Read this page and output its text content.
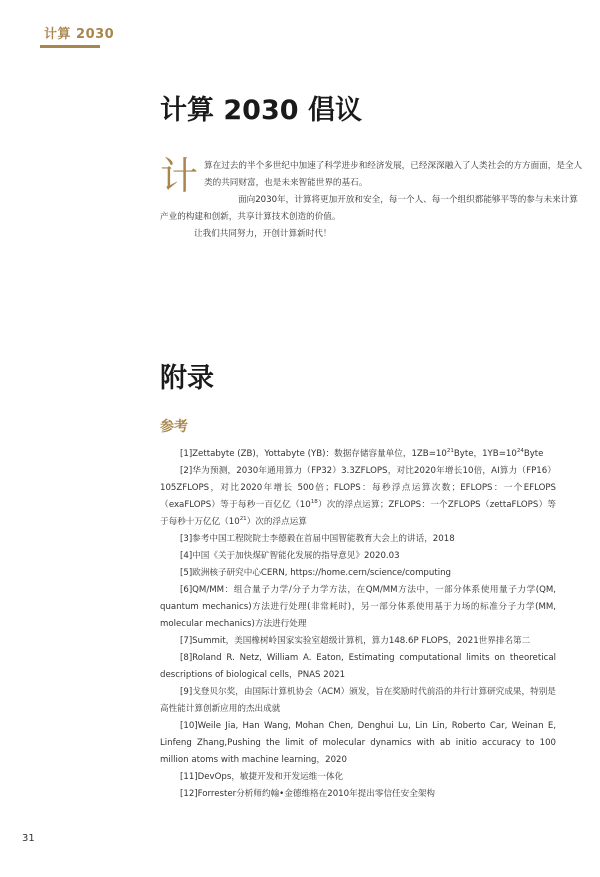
计算 2030
计算 2030 倡议
计 算在过去的半个多世纪中加速了科学进步和经济发展，已经深深融入了人类社会的方方面面，是全人类的共同财富，也是未来智能世界的基石。

面向2030年，计算将更加开放和安全，每一个人、每一个组织都能够平等的参与未来计算产业的构建和创新，共享计算技术创造的价值。

让我们共同努力，开创计算新时代！

附录
参考
[1]Zettabyte (ZB)，Yottabyte (YB)：数据存储容量单位，$1ZB=10^{21}Byte$，$1YB=10^{24}Byte$
[2]华为预测，2030年通用算力（FP32）3.3ZFLOPS，对比2020年增长10倍，AI算力（FP16） 105ZFLOPS，对比2020年增长 500倍；FLOPS：每秒浮点运算次数；EFLOPS：一个EFLOPS（exaFLOPS）等于每秒一百亿亿$(10^{18})$次的浮点运算；ZFLOPS：一个ZFLOPS（zettaFLOPS）等于每秒十万亿亿$(10^{21})$次的浮点运算
[3]参考中国工程院院士李德毅在首届中国智能教育大会上的讲话，2018
[4]中国《关于加快煤矿智能化发展的指导意见》2020.03
[5]欧洲核子研究中心CERN, https://home.cern/science/computing
[6]QM/MM：组合量子力学/分子力学方法，在QM/MM方法中，一部分体系使用量子力学(QM, quantum mechanics)方法进行处理(非常耗时)，另一部分体系使用基于力场的标准分子力学(MM, molecular mechanics)方法进行处理
[7]Summit，美国橡树岭国家实验室超级计算机，算力148.6P FLOPS，2021世界排名第二
[8]Roland R. Netz, William A. Eaton, Estimating computational limits on theoretical descriptions of biological cells，PNAS 2021
[9]戈登贝尔奖，由国际计算机协会（ACM）颁发，旨在奖励时代前沿的并行计算研究成果，特别是高性能计算创新应用的杰出成就
[10]Weile Jia, Han Wang, Mohan Chen, Denghui Lu, Lin Lin, Roberto Car, Weinan E, Linfeng Zhang,Pushing the limit of molecular dynamics with ab initio accuracy to 100 million atoms with machine learning，2020
[11]DevOps，敏捷开发和开发运维一体化
[12]Forrester分析师约翰•金德维格在2010年提出零信任安全架构
31
